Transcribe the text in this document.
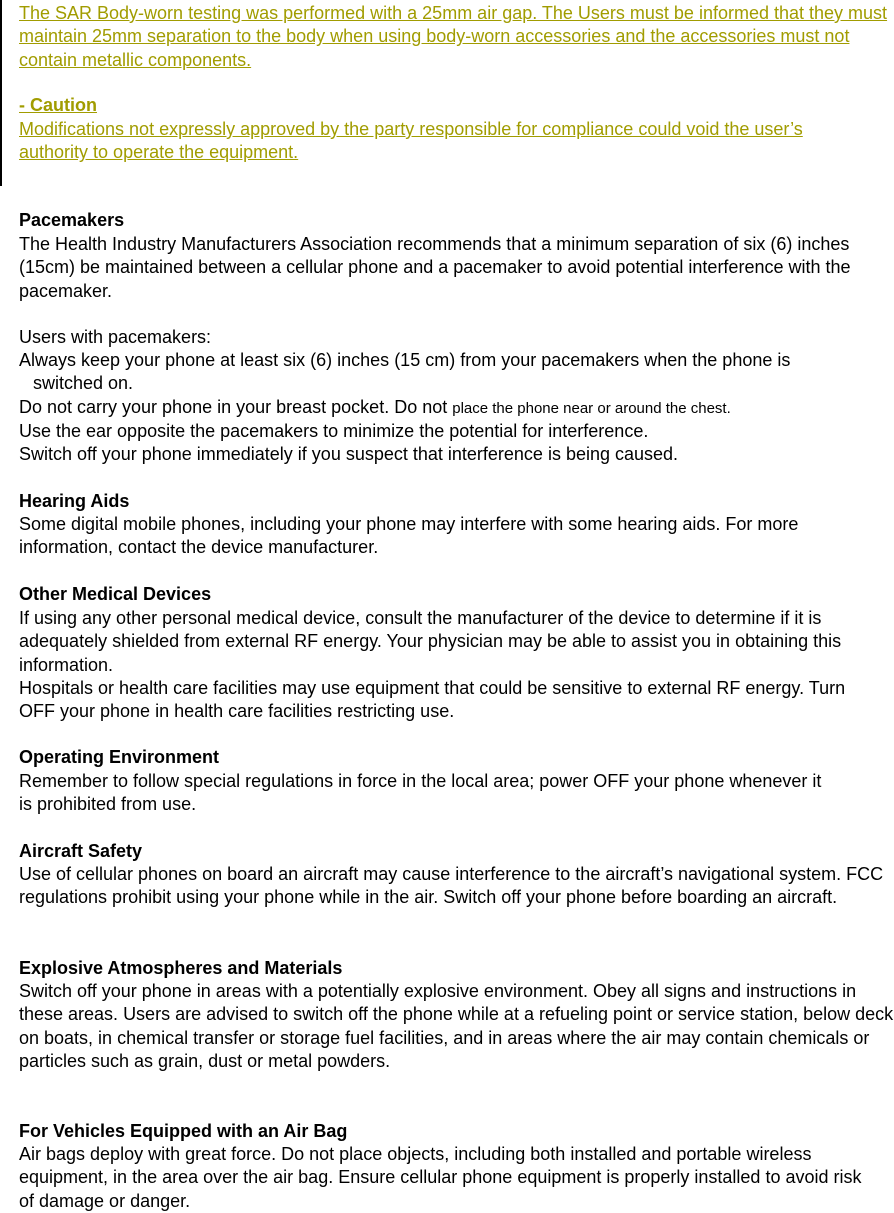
The SAR Body-worn testing was performed with a 25mm air gap. The Users must be informed that they must maintain 25mm separation to the body when using body-worn accessories and the accessories must not contain metallic components.
- Caution
Modifications not expressly approved by the party responsible for compliance could void the user’s authority to operate the equipment.
Pacemakers
The Health Industry Manufacturers Association recommends that a minimum separation of six (6) inches (15cm) be maintained between a cellular phone and a pacemaker to avoid potential interference with the pacemaker.
Users with pacemakers:
Always keep your phone at least six (6) inches (15 cm) from your pacemakers when the phone is
switched on.
Do not carry your phone in your breast pocket. Do not place the phone near or around the chest.
Use the ear opposite the pacemakers to minimize the potential for interference.
Switch off your phone immediately if you suspect that interference is being caused.
Hearing Aids
Some digital mobile phones, including your phone may interfere with some hearing aids. For more information, contact the device manufacturer.
Other Medical Devices
If using any other personal medical device, consult the manufacturer of the device to determine if it is adequately shielded from external RF energy. Your physician may be able to assist you in obtaining this information.
Hospitals or health care facilities may use equipment that could be sensitive to external RF energy. Turn OFF your phone in health care facilities restricting use.
Operating Environment
Remember to follow special regulations in force in the local area; power OFF your phone whenever it is prohibited from use.
Aircraft Safety
Use of cellular phones on board an aircraft may cause interference to the aircraft’s navigational system. FCC regulations prohibit using your phone while in the air. Switch off your phone before boarding an aircraft.
Explosive Atmospheres and Materials
Switch off your phone in areas with a potentially explosive environment. Obey all signs and instructions in these areas. Users are advised to switch off the phone while at a refueling point or service station, below deck on boats, in chemical transfer or storage fuel facilities, and in areas where the air may contain chemicals or particles such as grain, dust or metal powders.
For Vehicles Equipped with an Air Bag
Air bags deploy with great force. Do not place objects, including both installed and portable wireless equipment, in the area over the air bag. Ensure cellular phone equipment is properly installed to avoid risk of damage or danger.
